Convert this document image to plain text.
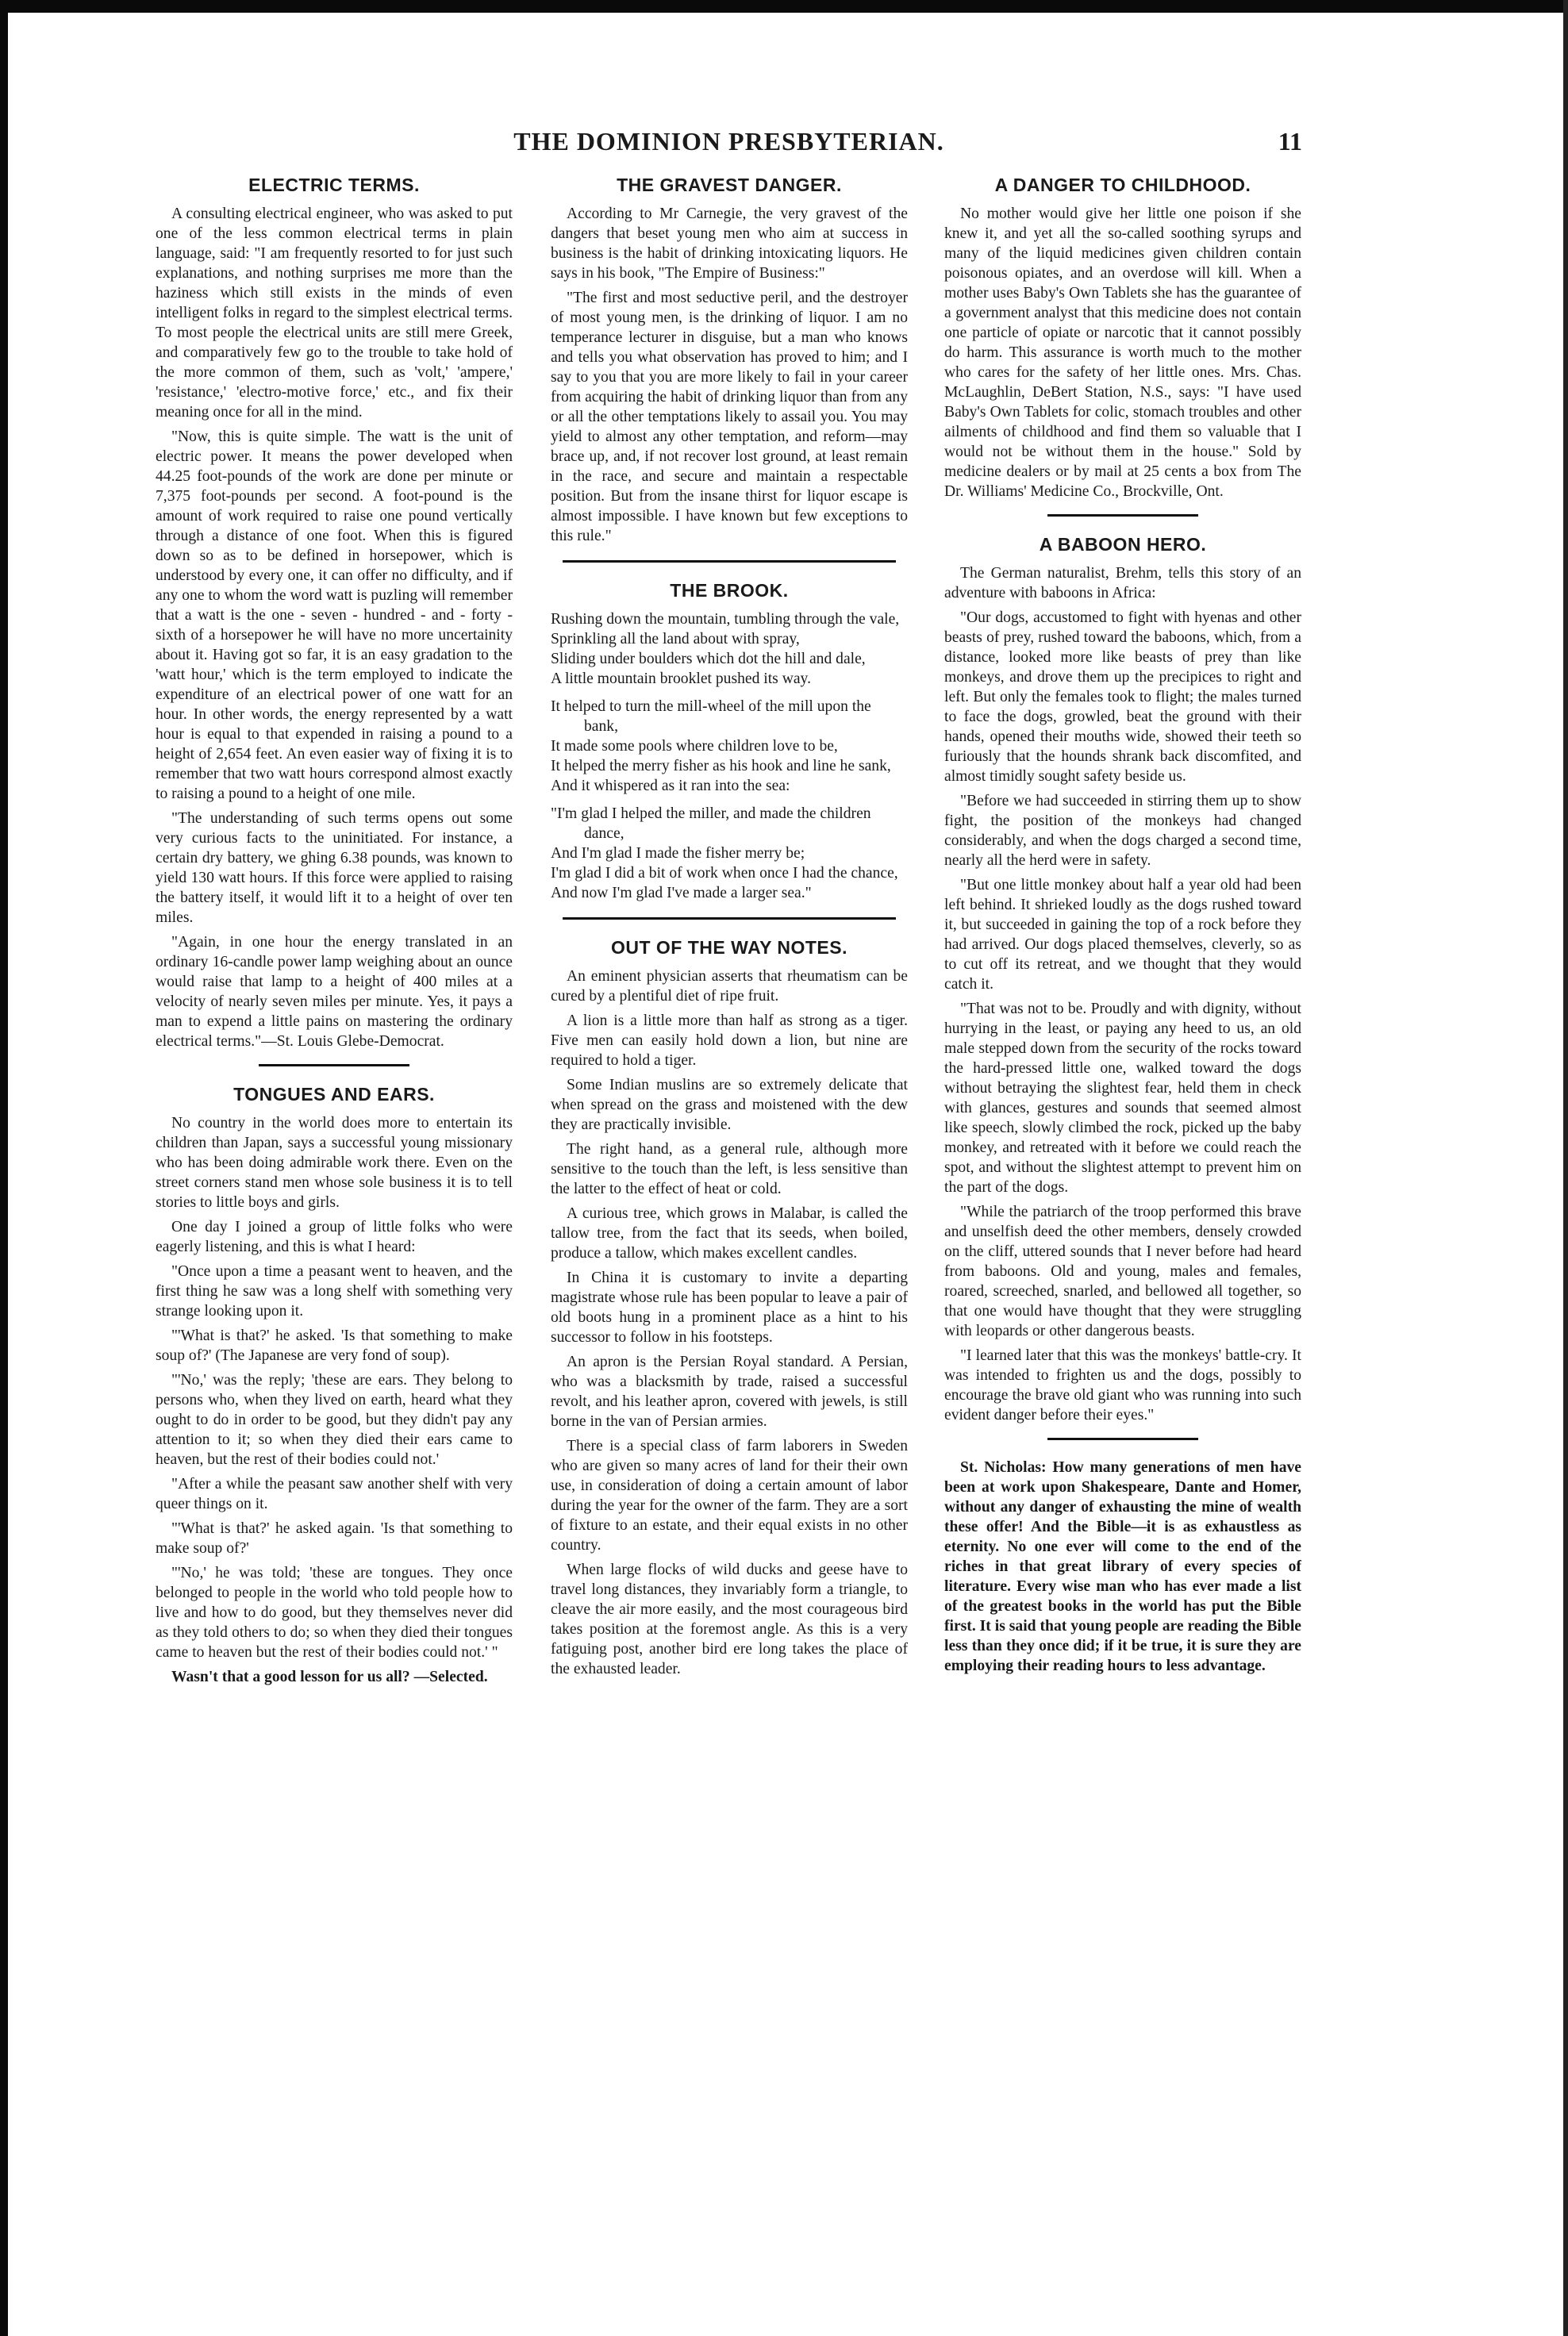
THE DOMINION PRESBYTERIAN.	11
ELECTRIC TERMS.

A consulting electrical engineer, who was asked to put one of the less common electrical terms in plain language, said: "I am frequently resorted to for just such explanations, and nothing surprises me more than the haziness which still exists in the minds of even intelligent folks in regard to the simplest electrical terms. To most people the electrical units are still mere Greek, and comparatively few go to the trouble to take hold of the more common of them, such as 'volt,' 'ampere,' 'resistance,' 'electro-motive force,' etc., and fix their meaning once for all in the mind.

"Now, this is quite simple. The watt is the unit of electric power. It means the power developed when 44.25 foot-pounds of the work are done per minute or 7,375 foot-pounds per second. A foot-pound is the amount of work required to raise one pound vertically through a distance of one foot. When this is figured down so as to be defined in horsepower, which is understood by every one, it can offer no difficulty, and if any one to whom the word watt is puzling will remember that a watt is the one - seven - hundred - and - forty - sixth of a horsepower he will have no more uncertainity about it. Having got so far, it is an easy gradation to the 'watt hour,' which is the term employed to indicate the expenditure of an electrical power of one watt for an hour. In other words, the energy represented by a watt hour is equal to that expended in raising a pound to a height of 2,654 feet. An even easier way of fixing it is to remember that two watt hours correspond almost exactly to raising a pound to a height of one mile.

"The understanding of such terms opens out some very curious facts to the uninitiated. For instance, a certain dry battery, we ghing 6.38 pounds, was known to yield 130 watt hours. If this force were applied to raising the battery itself, it would lift it to a height of over ten miles.

"Again, in one hour the energy translated in an ordinary 16-candle power lamp weighing about an ounce would raise that lamp to a height of 400 miles at a velocity of nearly seven miles per minute. Yes, it pays a man to expend a little pains on mastering the ordinary electrical terms."—St. Louis Glebe-Democrat.

TONGUES AND EARS.

No country in the world does more to entertain its children than Japan, says a successful young missionary who has been doing admirable work there. Even on the street corners stand men whose sole business it is to tell stories to little boys and girls.

One day I joined a group of little folks who were eagerly listening, and this is what I heard:

"Once upon a time a peasant went to heaven, and the first thing he saw was a long shelf with something very strange looking upon it.

"'What is that?' he asked. 'Is that something to make soup of?' (The Japanese are very fond of soup).

"'No,' was the reply; 'these are ears. They belong to persons who, when they lived on earth, heard what they ought to do in order to be good, but they didn't pay any attention to it; so when they died their ears came to heaven, but the rest of their bodies could not.'

"After a while the peasant saw another shelf with very queer things on it.

"'What is that?' he asked again. 'Is that something to make soup of?'

"'No,' he was told; 'these are tongues. They once belonged to people in the world who told people how to live and how to do good, but they themselves never did as they told others to do; so when they died their tongues came to heaven but the rest of their bodies could not.' "

Wasn't that a good lesson for us all? —Selected.

THE GRAVEST DANGER.

According to Mr Carnegie, the very gravest of the dangers that beset young men who aim at success in business is the habit of drinking intoxicating liquors. He says in his book, "The Empire of Business:"

"The first and most seductive peril, and the destroyer of most young men, is the drinking of liquor. I am no temperance lecturer in disguise, but a man who knows and tells you what observation has proved to him; and I say to you that you are more likely to fail in your career from acquiring the habit of drinking liquor than from any or all the other temptations likely to assail you. You may yield to almost any other temptation, and reform—may brace up, and, if not recover lost ground, at least remain in the race, and secure and maintain a respectable position. But from the insane thirst for liquor escape is almost impossible. I have known but few exceptions to this rule."

THE BROOK.

Rushing down the mountain, tumbling through the vale,

Sprinkling all the land about with spray,

Sliding under boulders which dot the hill and dale,

A little mountain brooklet pushed its way.

It helped to turn the mill-wheel of the mill upon the bank,

It made some pools where children love to be,

It helped the merry fisher as his hook and line he sank,

And it whispered as it ran into the sea:

"I'm glad I helped the miller, and made the children dance,

And I'm glad I made the fisher merry be;

I'm glad I did a bit of work when once I had the chance,

And now I'm glad I've made a larger sea."

OUT OF THE WAY NOTES.

An eminent physician asserts that rheumatism can be cured by a plentiful diet of ripe fruit.

A lion is a little more than half as strong as a tiger. Five men can easily hold down a lion, but nine are required to hold a tiger.

Some Indian muslins are so extremely delicate that when spread on the grass and moistened with the dew they are practically invisible.

The right hand, as a general rule, although more sensitive to the touch than the left, is less sensitive than the latter to the effect of heat or cold.

A curious tree, which grows in Malabar, is called the tallow tree, from the fact that its seeds, when boiled, produce a tallow, which makes excellent candles.

In China it is customary to invite a departing magistrate whose rule has been popular to leave a pair of old boots hung in a prominent place as a hint to his successor to follow in his footsteps.

An apron is the Persian Royal standard. A Persian, who was a blacksmith by trade, raised a successful revolt, and his leather apron, covered with jewels, is still borne in the van of Persian armies.

There is a special class of farm laborers in Sweden who are given so many acres of land for their their own use, in consideration of doing a certain amount of labor during the year for the owner of the farm. They are a sort of fixture to an estate, and their equal exists in no other country.

When large flocks of wild ducks and geese have to travel long distances, they invariably form a triangle, to cleave the air more easily, and the most courageous bird takes position at the foremost angle. As this is a very fatiguing post, another bird ere long takes the place of the exhausted leader.

A DANGER TO CHILDHOOD.

No mother would give her little one poison if she knew it, and yet all the so-called soothing syrups and many of the liquid medicines given children contain poisonous opiates, and an overdose will kill. When a mother uses Baby's Own Tablets she has the guarantee of a government analyst that this medicine does not contain one particle of opiate or narcotic that it cannot possibly do harm. This assurance is worth much to the mother who cares for the safety of her little ones. Mrs. Chas. McLaughlin, DeBert Station, N.S., says: "I have used Baby's Own Tablets for colic, stomach troubles and other ailments of childhood and find them so valuable that I would not be without them in the house." Sold by medicine dealers or by mail at 25 cents a box from The Dr. Williams' Medicine Co., Brockville, Ont.

A BABOON HERO.

The German naturalist, Brehm, tells this story of an adventure with baboons in Africa:

"Our dogs, accustomed to fight with hyenas and other beasts of prey, rushed toward the baboons, which, from a distance, looked more like beasts of prey than like monkeys, and drove them up the precipices to right and left. But only the females took to flight; the males turned to face the dogs, growled, beat the ground with their hands, opened their mouths wide, showed their teeth so furiously that the hounds shrank back discomfited, and almost timidly sought safety beside us.

"Before we had succeeded in stirring them up to show fight, the position of the monkeys had changed considerably, and when the dogs charged a second time, nearly all the herd were in safety.

"But one little monkey about half a year old had been left behind. It shrieked loudly as the dogs rushed toward it, but succeeded in gaining the top of a rock before they had arrived. Our dogs placed themselves, cleverly, so as to cut off its retreat, and we thought that they would catch it.

"That was not to be. Proudly and with dignity, without hurrying in the least, or paying any heed to us, an old male stepped down from the security of the rocks toward the hard-pressed little one, walked toward the dogs without betraying the slightest fear, held them in check with glances, gestures and sounds that seemed almost like speech, slowly climbed the rock, picked up the baby monkey, and retreated with it before we could reach the spot, and without the slightest attempt to prevent him on the part of the dogs.

"While the patriarch of the troop performed this brave and unselfish deed the other members, densely crowded on the cliff, uttered sounds that I never before had heard from baboons. Old and young, males and females, roared, screeched, snarled, and bellowed all together, so that one would have thought that they were struggling with leopards or other dangerous beasts.

"I learned later that this was the monkeys' battle-cry. It was intended to frighten us and the dogs, possibly to encourage the brave old giant who was running into such evident danger before their eyes."

St. Nicholas: How many generations of men have been at work upon Shakespeare, Dante and Homer, without any danger of exhausting the mine of wealth these offer! And the Bible—it is as exhaustless as eternity. No one ever will come to the end of the riches in that great library of every species of literature. Every wise man who has ever made a list of the greatest books in the world has put the Bible first. It is said that young people are reading the Bible less than they once did; if it be true, it is sure they are employing their reading hours to less advantage.
